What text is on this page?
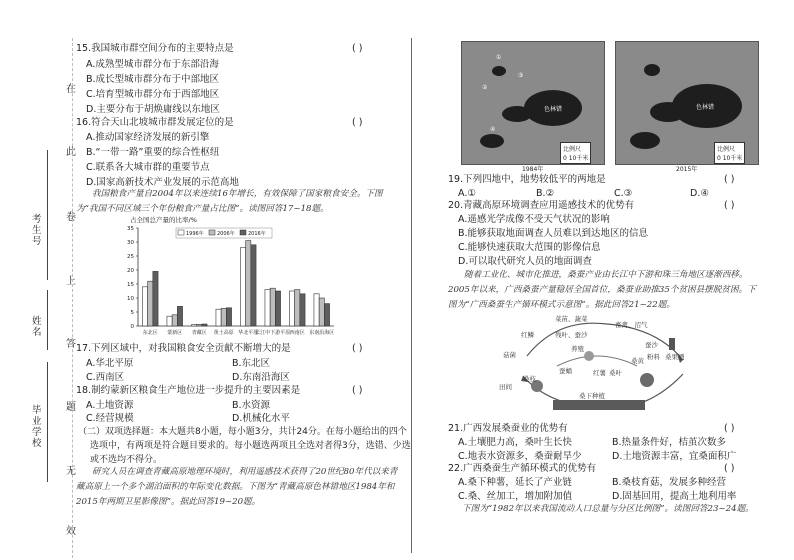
在
此
卷
上
答
题
无
效
考生号
姓名
毕业学校
15.我国城市群空间分布的主要特点是	( )
A.成熟型城市群分布于东部沿海
B.成长型城市群分布于中部地区
C.培育型城市群分布于西部地区
D.主要分布于胡焕庸线以东地区
16.符合天山北坡城市群发展定位的是	( )
A.推动国家经济发展的新引擎
B.“一带一路”重要的综合性枢纽
C.联系各大城市群的重要节点
D.国家高新技术产业发展的示范高地
我国粮食产量自2004年以来连续16年增长，有效保障了国家粮食安全。下图为“我国不同区域三个年份粮食产量占比图”。读图回答17~18题。
占全国总产量的比率/%
0
5
10
15
20
25
30
35
东北区 蒙新区 青藏区 黄土高原 华北平原
长江中下游平原 西南区 东南沿海区
1996年	2006年	2016年
17.下列区域中，对我国粮食安全贡献不断增大的是	( )
A.华北平原	B.东北区
C.西南区	D.东南沿海区
18.制约蒙新区粮食生产地位进一步提升的主要因素是	( )
A.土地资源	B.水资源
C.经营规模	D.机械化水平
（二）双项选择题：本大题共8小题，每小题3分，共计24分。在每小题给出的四个
选项中，有两项是符合题目要求的。每小题选两项且全选对者得3分，选错、少选
或不选均不得分。
研究人员在调查青藏高原地理环境时，利用遥感技术获得了20世纪80年代以来青藏高原上一个多个湖泊面积的年际变化数据。下图为“青藏高原色林错地区1984年和2015年两期卫星影像图”。据此回答19~20题。
色林错
①
②
③
④
比例尺
0 10千米
1984年
色林错
比例尺
0 10千米
2015年
19.下列四地中，地势较低平的两地是	( )
A.①	B.②	C.③	D.④
20.青藏高原环境调查应用遥感技术的优势有	( )
A.遥感光学成像不受天气状况的影响
B.能够获取地面调查人员难以到达地区的信息
C.能够快速获取大范围的影像信息
D.可以取代研究人员的地面调查
随着工业化、城市化推进，桑蚕产业由长江中下游和珠三角地区逐渐西移。2005年以来，广西桑蚕产量稳居全国首位，桑蚕业助推35个贫困县摆脱贫困。下图为“广西桑蚕生产循环模式示意图”。据此回答21~22题。
菜苗、蔬菜
红鳞	残叶、蚕沙
畜禽、沼气
养殖	蚕沙
粉料 桑果酒
菇菌
桑枝
蚕蛹	红薯 桑叶
桑黄
田间
桑下种植
21.广西发展桑蚕业的优势有	( )
A.土壤肥力高，桑叶生长快	B.热量条件好，桔茧次数多
C.地表水资源多，桑蚕耐旱少	D.土地资源丰富，宜桑面积广
22.广西桑蚕生产循环模式的优势有	( )
A.桑下种薯，延长了产业链	B.桑枝育菇，发展多种经营
C.桑、丝加工，增加附加值	D.固基回用，提高土地利用率
下图为“1982年以来我国流动人口总量与分区比例图”。读图回答23~24题。
